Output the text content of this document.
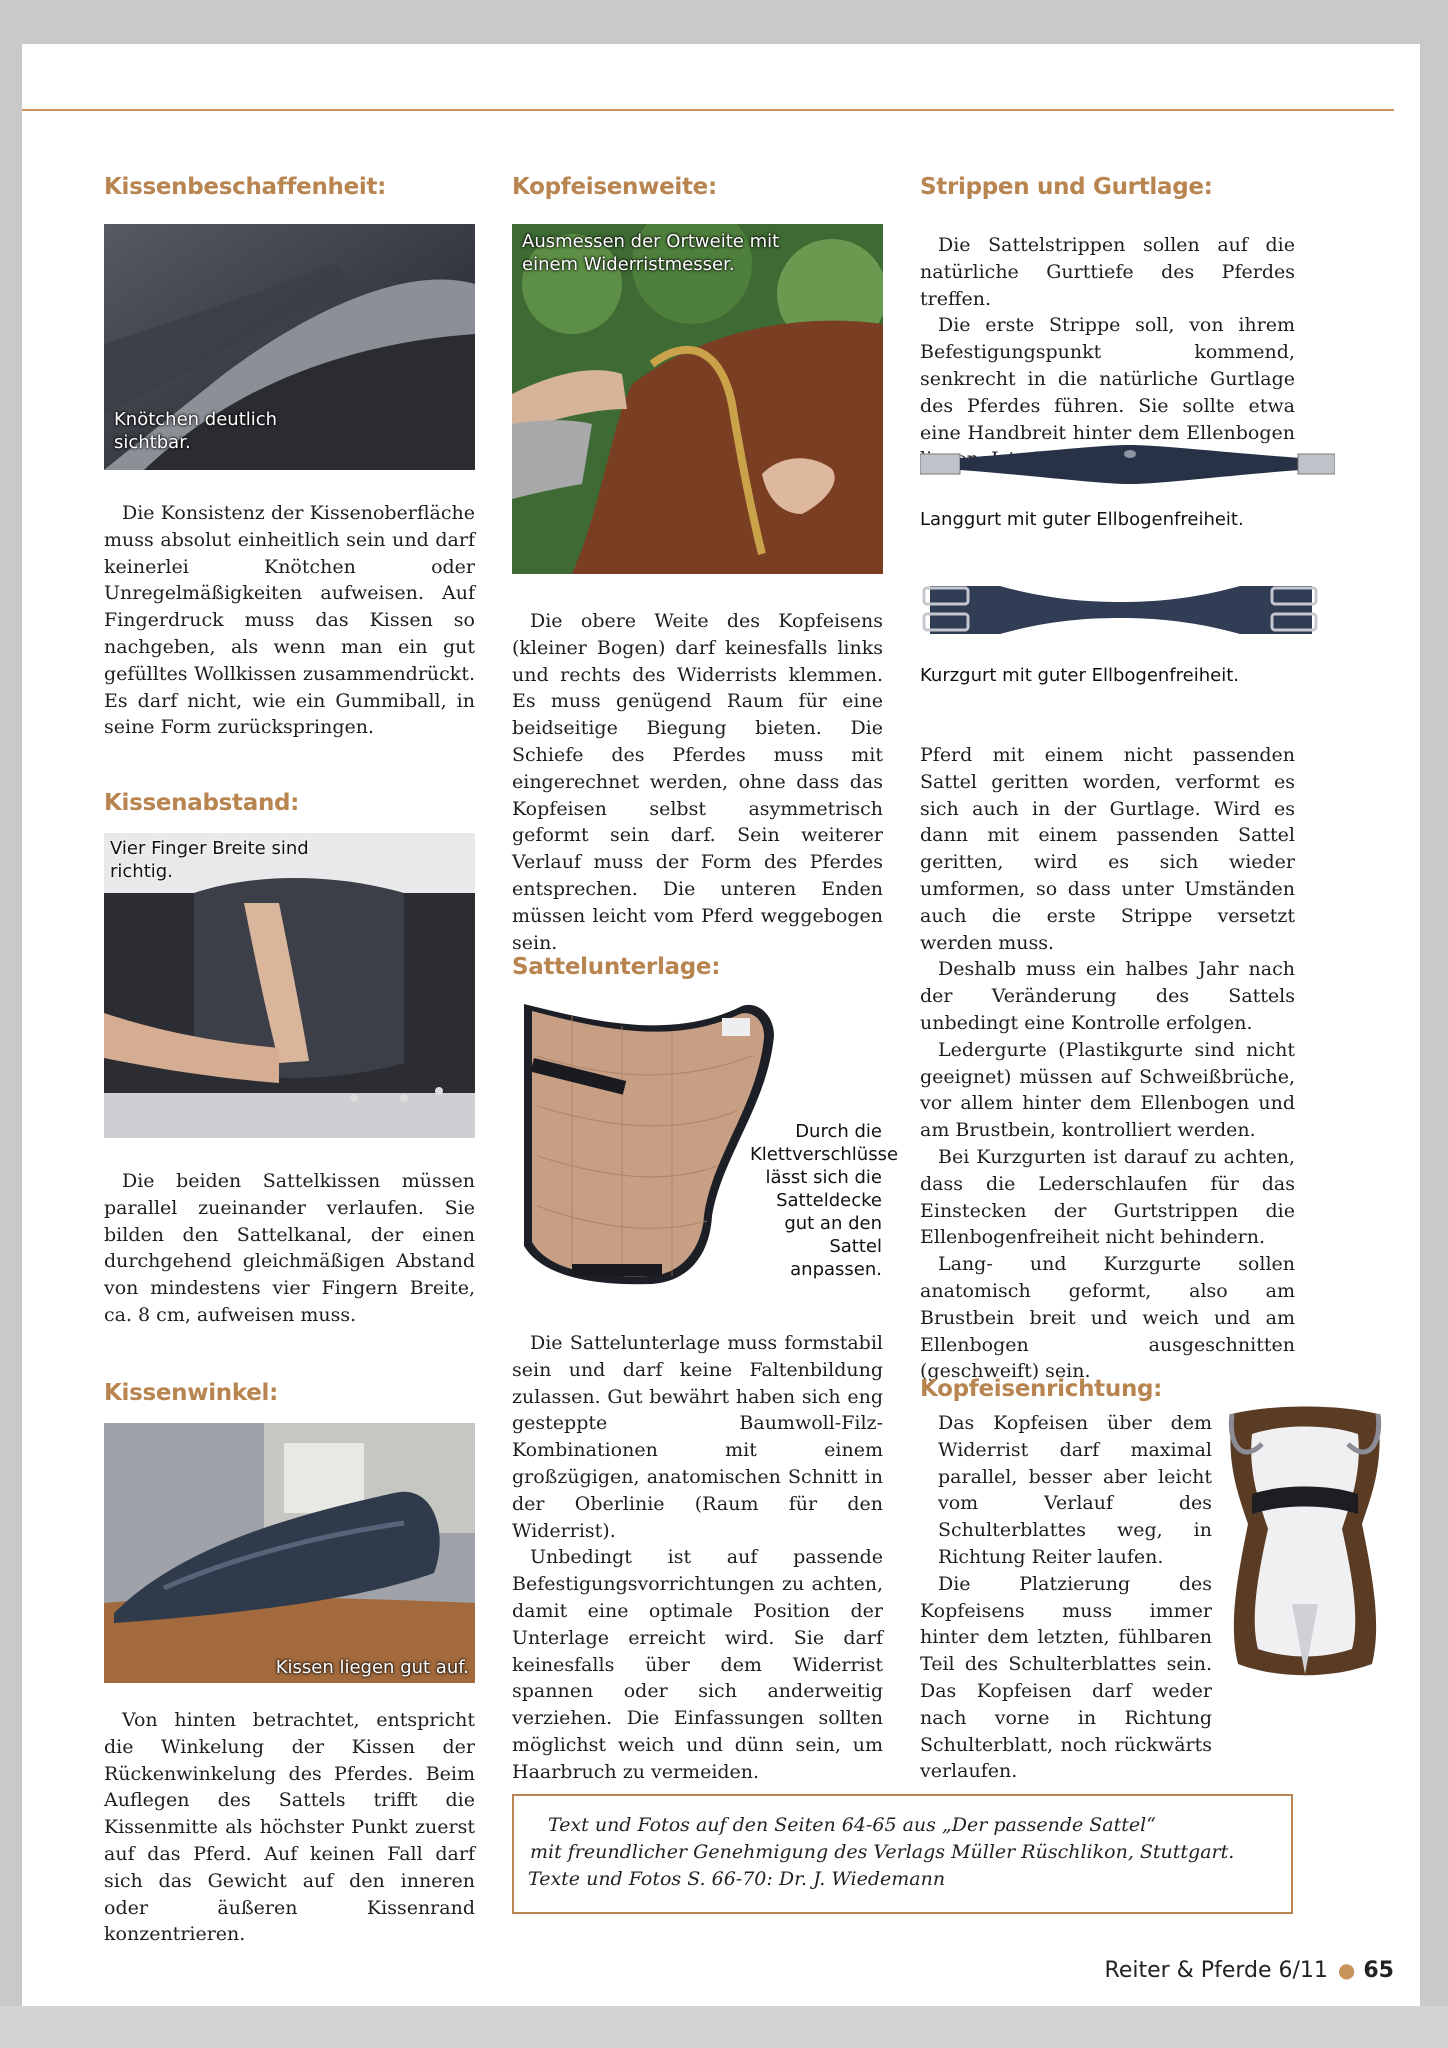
Kissenbeschaffenheit:
Knötchen deutlich sichtbar.

Die Konsistenz der Kissenoberfläche muss absolut einheitlich sein und darf keinerlei Knötchen oder Unregelmäßigkeiten aufweisen. Auf Fingerdruck muss das Kissen so nachgeben, als wenn man ein gut gefülltes Wollkissen zusammendrückt. Es darf nicht, wie ein Gummiball, in seine Form zurückspringen.

Kissenabstand:
Vier Finger Breite sind richtig.

Die beiden Sattelkissen müssen parallel zueinander verlaufen. Sie bilden den Sattelkanal, der einen durchgehend gleichmäßigen Abstand von mindestens vier Fingern Breite, ca. 8 cm, aufweisen muss.

Kissenwinkel:
Kissen liegen gut auf.

Von hinten betrachtet, entspricht die Winkelung der Kissen der Rückenwinkelung des Pferdes. Beim Auflegen des Sattels trifft die Kissenmitte als höchster Punkt zuerst auf das Pferd. Auf keinen Fall darf sich das Gewicht auf den inneren oder äußeren Kissenrand konzentrieren.

Kopfeisenweite:
Ausmessen der Ortweite mit einem Widerristmesser.

Die obere Weite des Kopfeisens (kleiner Bogen) darf keinesfalls links und rechts des Widerrists klemmen. Es muss genügend Raum für eine beidseitige Biegung bieten. Die Schiefe des Pferdes muss mit eingerechnet werden, ohne dass das Kopfeisen selbst asymmetrisch geformt sein darf. Sein weiterer Verlauf muss der Form des Pferdes entsprechen. Die unteren Enden müssen leicht vom Pferd weggebogen sein.

Sattelunterlage:
Durch die Klettverschlüsse lässt sich die Satteldecke gut an den Sattel anpassen.

Die Sattelunterlage muss formstabil sein und darf keine Faltenbildung zulassen. Gut bewährt haben sich eng gesteppte Baumwoll-Filz-Kombinationen mit einem großzügigen, anatomischen Schnitt in der Oberlinie (Raum für den Widerrist).

Unbedingt ist auf passende Befestigungsvorrichtungen zu achten, damit eine optimale Position der Unterlage erreicht wird. Sie darf keinesfalls über dem Widerrist spannen oder sich anderweitig verziehen. Die Einfassungen sollten möglichst weich und dünn sein, um Haarbruch zu vermeiden.

Strippen und Gurtlage:

Die Sattelstrippen sollen auf die natürliche Gurttiefe des Pferdes treffen.

Die erste Strippe soll, von ihrem Befestigungspunkt kommend, senkrecht in die natürliche Gurtlage des Pferdes führen. Sie sollte etwa eine Handbreit hinter dem Ellenbogen

Langgurt mit guter Ellbogenfreiheit.
Kurzgurt mit guter Ellbogenfreiheit.

Pferd mit einem nicht passenden Sattel geritten worden, verformt es sich auch in der Gurtlage. Wird es dann mit einem passenden Sattel geritten, wird es sich wieder umformen, so dass unter Umständen auch die erste Strippe versetzt werden muss.

Deshalb muss ein halbes Jahr nach der Veränderung des Sattels unbedingt eine Kontrolle erfolgen.

Ledergurte (Plastikgurte sind nicht geeignet) müssen auf Schweißbrüche, vor allem hinter dem Ellenbogen und am Brustbein, kontrolliert werden.

Bei Kurzgurten ist darauf zu achten, dass die Lederschlaufen für das Einstecken der Gurtstrippen die Ellenbogenfreiheit nicht behindern.

Lang- und Kurzgurte sollen anatomisch geformt, also am Brustbein breit und weich und am Ellenbogen ausgeschnitten (geschweift) sein.

Kopfeisenrichtung:

Das Kopfeisen über dem Widerrist darf maximal parallel, besser aber leicht vom Verlauf des Schulterblattes weg, in Richtung Reiter laufen.

Die Platzierung des Kopfeisens muss immer hinter dem letzten, fühlbaren Teil des Schulterblattes sein. Das Kopfeisen darf weder nach vorne in Richtung Schulterblatt, noch rückwärts verlaufen.

Text und Fotos auf den Seiten 64-65 aus „Der passende Sattel“
mit freundlicher Genehmigung des Verlags Müller Rüschlikon, Stuttgart.
Texte und Fotos S. 66-70: Dr. J. Wiedemann
Reiter & Pferde 6/11 ● 65
